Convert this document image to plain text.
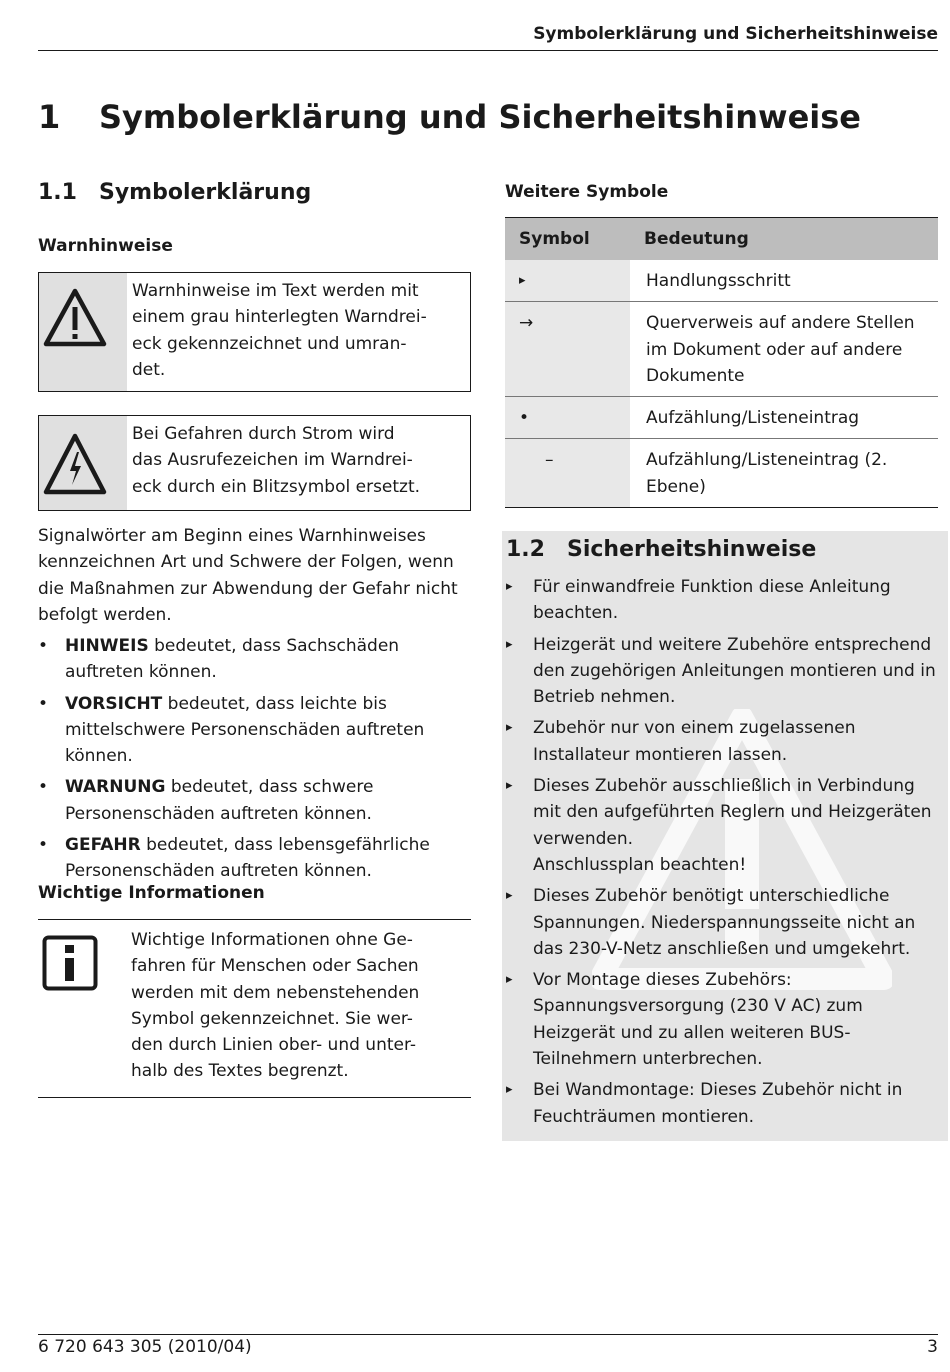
Symbolerklärung und Sicherheitshinweise
1 Symbolerklärung und Sicherheitshinweise
1.1 Symbolerklärung
Warnhinweise
Warnhinweise im Text werden mit
einem grau hinterlegten Warndrei-
eck gekennzeichnet und umran-
det.
Bei Gefahren durch Strom wird
das Ausrufezeichen im Warndrei-
eck durch ein Blitzsymbol ersetzt.
Signalwörter am Beginn eines Warnhinweises kennzeichnen Art und Schwere der Folgen, wenn die Maßnahmen zur Abwendung der Gefahr nicht befolgt werden.
• HINWEIS bedeutet, dass Sachschäden auftreten können.
• VORSICHT bedeutet, dass leichte bis mittelschwere Personenschäden auftreten können.
• WARNUNG bedeutet, dass schwere Personenschäden auftreten können.
• GEFAHR bedeutet, dass lebensgefährliche Personenschäden auftreten können.
Wichtige Informationen
Wichtige Informationen ohne Ge-
fahren für Menschen oder Sachen
werden mit dem nebenstehenden
Symbol gekennzeichnet. Sie wer-
den durch Linien ober- und unter-
halb des Textes begrenzt.
Weitere Symbole
Symbol	Bedeutung
▸	Handlungsschritt
→	Querverweis auf andere Stellen im Dokument oder auf andere Dokumente
•	Aufzählung/Listeneintrag
–	Aufzählung/Listeneintrag (2. Ebene)
1.2 Sicherheitshinweise
▸ Für einwandfreie Funktion diese Anleitung beachten.
▸ Heizgerät und weitere Zubehöre entsprechend den zugehörigen Anleitungen montieren und in Betrieb nehmen.
▸ Zubehör nur von einem zugelassenen Installateur montieren lassen.
▸ Dieses Zubehör ausschließlich in Verbindung mit den aufgeführten Reglern und Heizgeräten verwenden.
Anschlussplan beachten!
▸ Dieses Zubehör benötigt unterschiedliche Spannungen. Niederspannungsseite nicht an das 230-V-Netz anschließen und umgekehrt.
▸ Vor Montage dieses Zubehörs: Spannungsversorgung (230 V AC) zum Heizgerät und zu allen weiteren BUS-Teilnehmern unterbrechen.
▸ Bei Wandmontage: Dieses Zubehör nicht in Feuchträumen montieren.
6 720 643 305 (2010/04)	3
